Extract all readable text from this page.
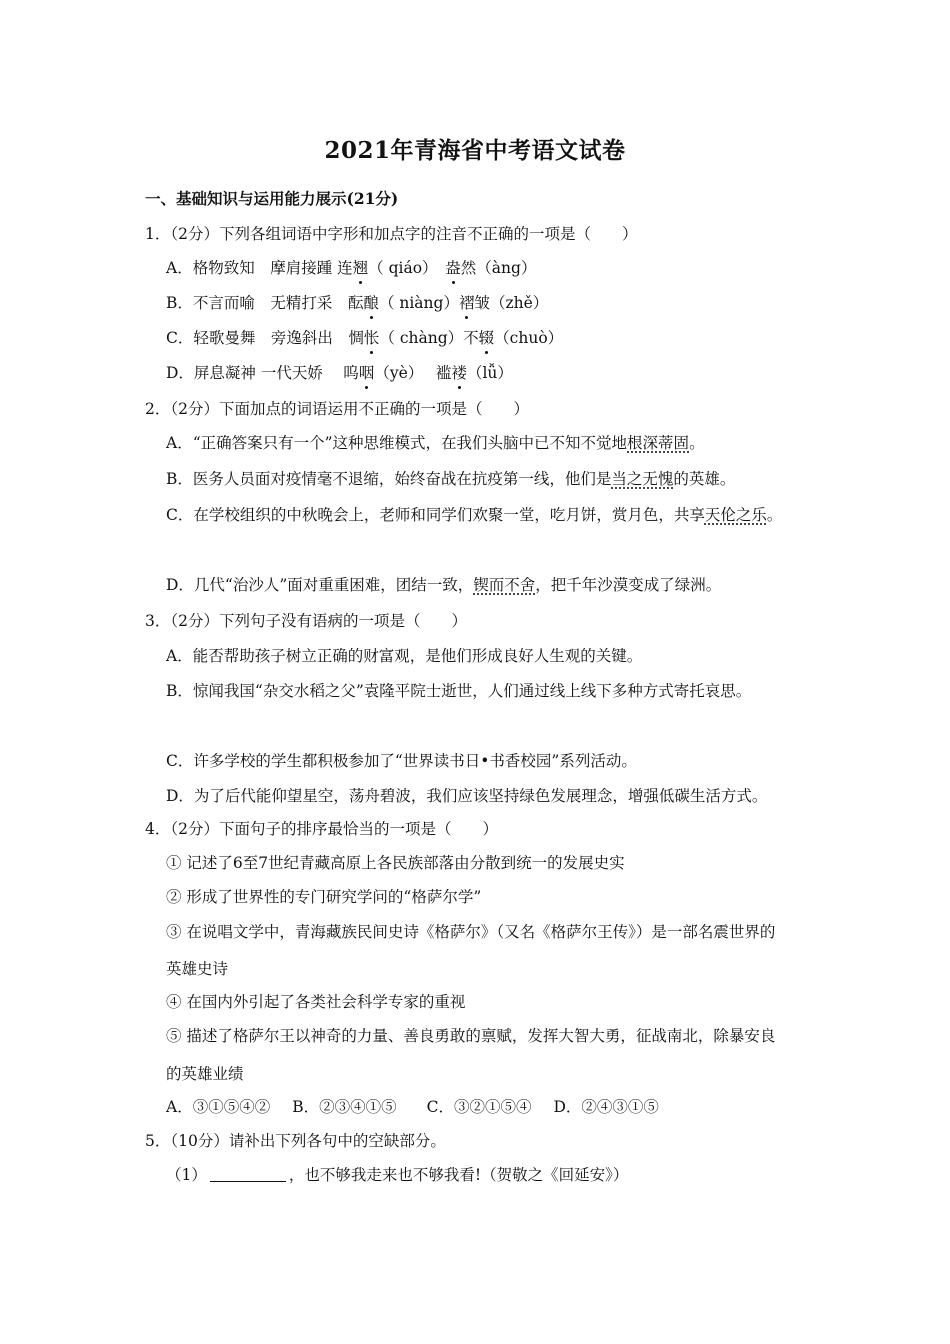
2021年青海省中考语文试卷
一、基础知识与运用能力展示(21分)
1．（2分）下列各组词语中字形和加点字的注音不正确的一项是（　　）
A．格物致知　摩肩接踵 连翘（ qiáo）　盎然（àng）
B．不言而喻　无精打采　酝酿（ niàng）褶皱（zhě）
C．轻歌曼舞　旁逸斜出　惆怅（ chàng）不辍（chuò）
D．屏息凝神 一代天娇　 呜咽（yè）　 褴褛（lǚ）
2．（2分）下面加点的词语运用不正确的一项是（　　）
A．“正确答案只有一个”这种思维模式，在我们头脑中已不知不觉地根深蒂固。
B．医务人员面对疫情毫不退缩，始终奋战在抗疫第一线，他们是当之无愧的英雄。
C．在学校组织的中秋晚会上，老师和同学们欢聚一堂，吃月饼，赏月色，共享天伦之乐。
D．几代“治沙人”面对重重困难，团结一致，锲而不舍，把千年沙漠变成了绿洲。
3．（2分）下列句子没有语病的一项是（　　）
A．能否帮助孩子树立正确的财富观，是他们形成良好人生观的关键。
B．惊闻我国“杂交水稻之父”袁隆平院士逝世，人们通过线上线下多种方式寄托哀思。
C．许多学校的学生都积极参加了“世界读书日•书香校园”系列活动。
D．为了后代能仰望星空，荡舟碧波，我们应该坚持绿色发展理念，增强低碳生活方式。
4．（2分）下面句子的排序最恰当的一项是（　　）
① 记述了6至7世纪青藏高原上各民族部落由分散到统一的发展史实
② 形成了世界性的专门研究学问的“格萨尔学”
③ 在说唱文学中，青海藏族民间史诗《格萨尔》（又名《格萨尔王传》）是一部名震世界的
英雄史诗
④ 在国内外引起了各类社会科学专家的重视
⑤ 描述了格萨尔王以神奇的力量、善良勇敢的禀赋，发挥大智大勇，征战南北，除暴安良
的英雄业绩
A．③①⑤④② B．②③④①⑤ C．③②①⑤④ D．②④③①⑤
5．（10分）请补出下列各句中的空缺部分。
（1）	，也不够我走来也不够我看!（贺敬之《回延安》）
